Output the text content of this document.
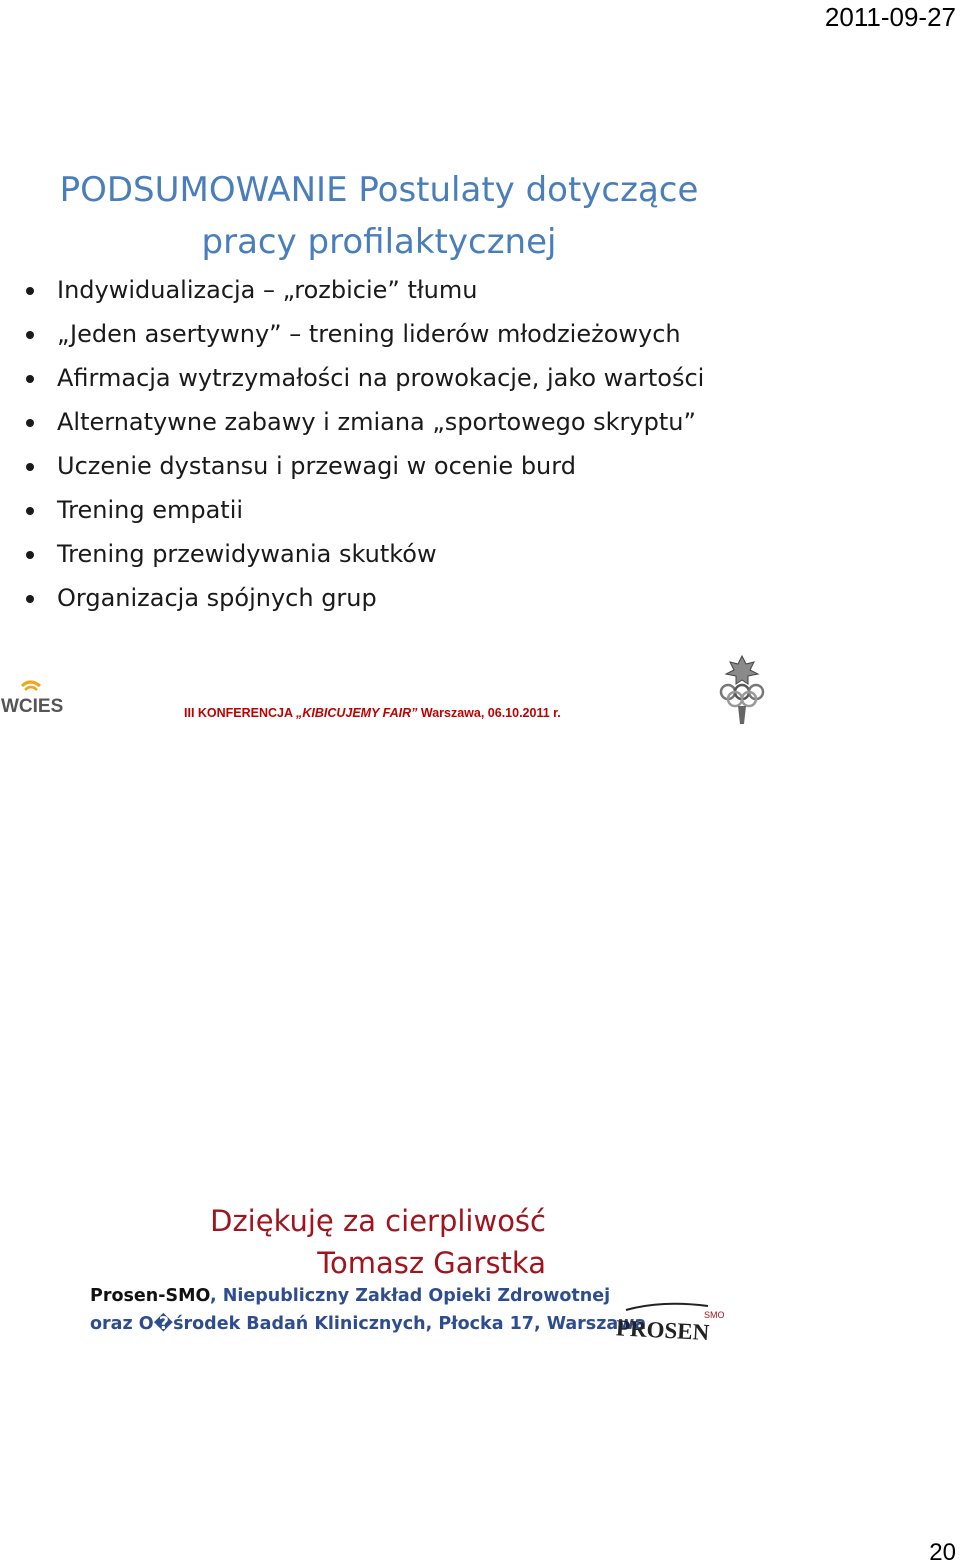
2011-09-27
PODSUMOWANIE Postulaty dotyczące
pracy profilaktycznej
Indywidualizacja – „rozbicie” tłumu
„Jeden asertywny” – trening liderów młodzieżowych
Afirmacja wytrzymałości na prowokacje, jako wartości
Alternatywne zabawy i zmiana „sportowego skryptu”
Uczenie dystansu i przewagi w ocenie burd
Trening empatii
Trening przewidywania skutków
Organizacja spójnych grup
WCIES	III KONFERENCJA „KIBICUJEMY FAIR” Warszawa, 06.10.2011 r.
Dziękuję za cierpliwość
Tomasz Garstka
Prosen-SMO, Niepubliczny Zakład Opieki Zdrowotnej
oraz O�środek Badań Klinicznych, Płocka 17, Warszawa	SMO
PROSEN
20
